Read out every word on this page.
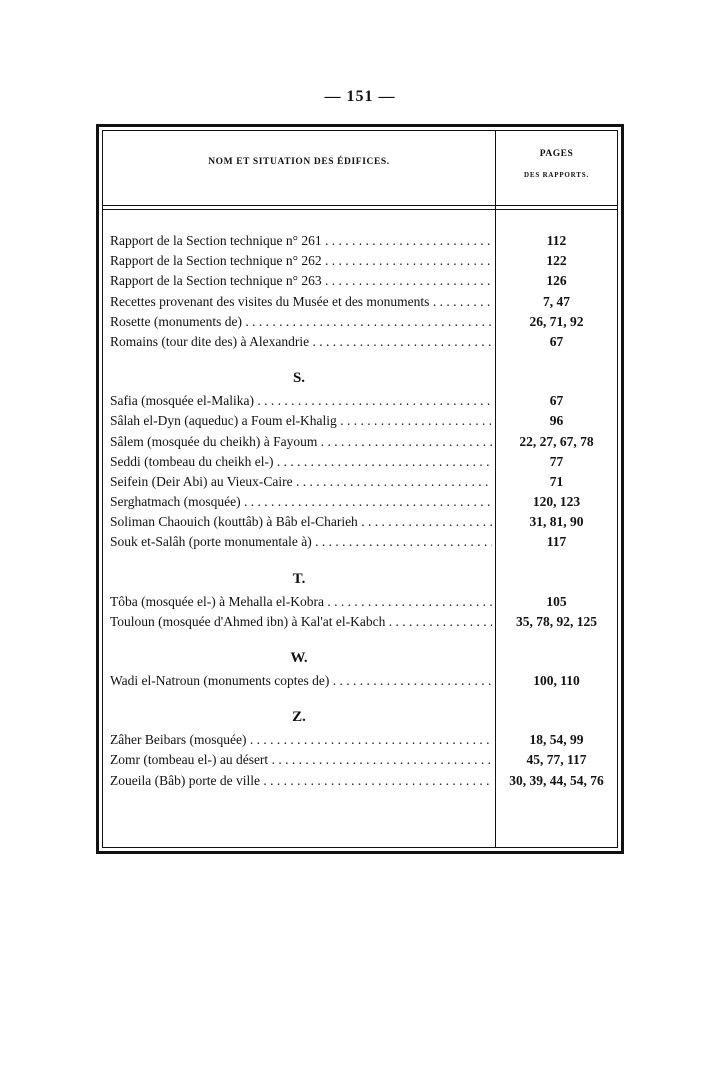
— 151 —
NOM ET SITUATION DES ÉDIFICES.
PAGES
DES RAPPORTS.
Rapport de la Section technique n° 261 . . .	112
Rapport de la Section technique n° 262 . . .	122
Rapport de la Section technique n° 263 . . .	126
Recettes provenant des visites du Musée et des monuments . . .	7, 47
Rosette (monuments de) . . .	26, 71, 92
Romains (tour dite des) à Alexandrie . . .	67
S.
Safia (mosquée el-Malika) . . .	67
Sâlah el-Dyn (aqueduc) a Foum el-Khalig . . .	96
Sâlem (mosquée du cheikh) à Fayoum . . .	22, 27, 67, 78
Seddi (tombeau du cheikh el-) . . .	77
Seifein (Deir Abi) au Vieux-Caire . . .	71
Serghatmach (mosquée) . . .	120, 123
Soliman Chaouich (kouttâb) à Bâb el-Charieh . . .	31, 81, 90
Souk et-Salâh (porte monumentale à) . . .	117
T.
Tôba (mosquée el-) à Mehalla el-Kobra . . .	105
Touloun (mosquée d'Ahmed ibn) à Kal'at el-Kabch . . .	35, 78, 92, 125
W.
Wadi el-Natroun (monuments coptes de) . . .	100, 110
Z.
Zâher Beibars (mosquée) . . .	18, 54, 99
Zomr (tombeau el-) au désert . . .	45, 77, 117
Zoueila (Bâb) porte de ville . . .	30, 39, 44, 54, 76
